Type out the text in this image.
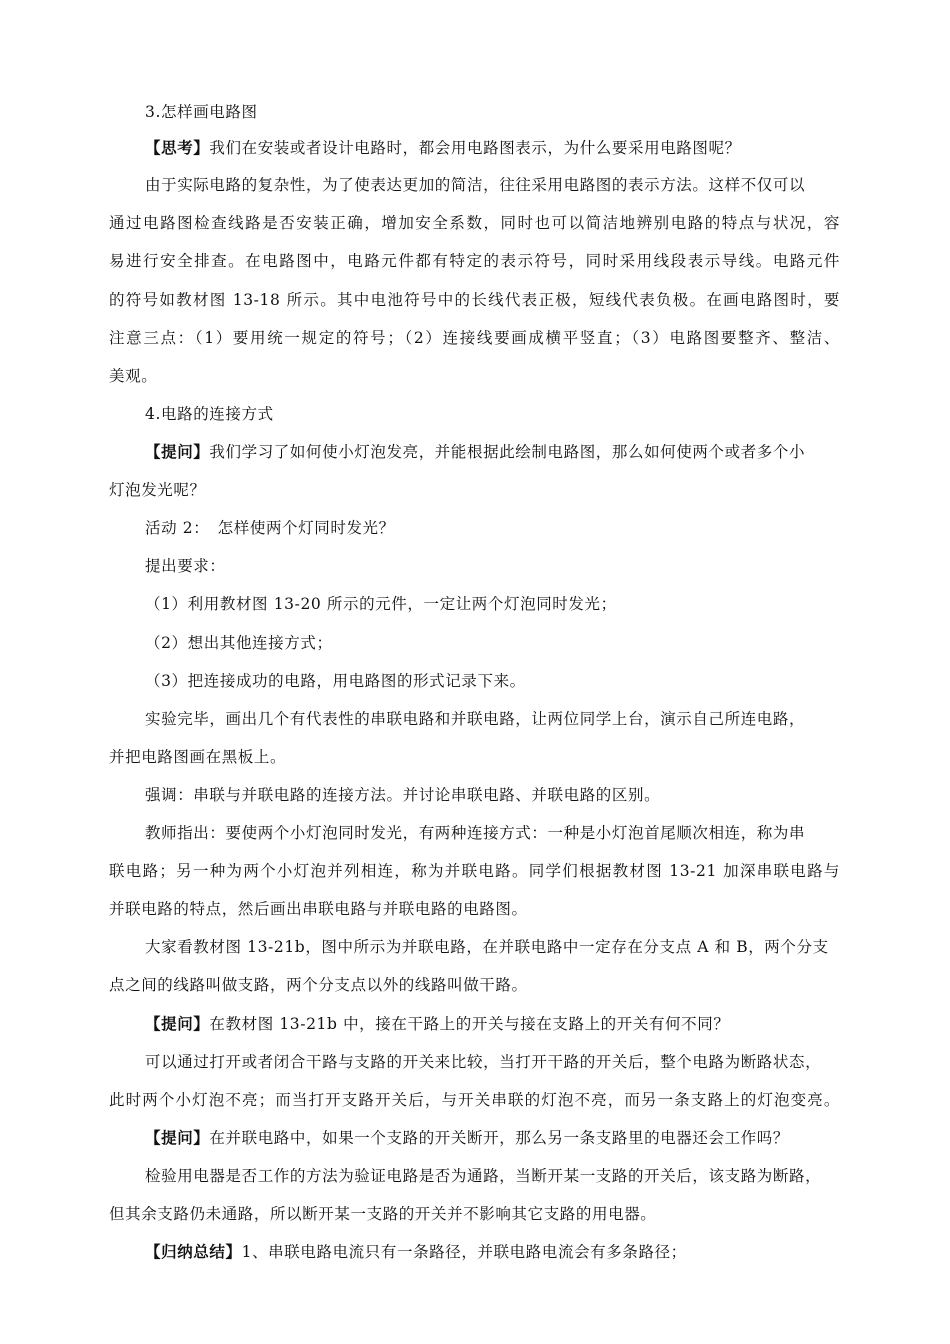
3.怎样画电路图

【思考】我们在安装或者设计电路时，都会用电路图表示，为什么要采用电路图呢？

由于实际电路的复杂性，为了使表达更加的简洁，往往采用电路图的表示方法。这样不仅可以

通过电路图检查线路是否安装正确，增加安全系数，同时也可以简洁地辨别电路的特点与状况，容

易进行安全排查。在电路图中，电路元件都有特定的表示符号，同时采用线段表示导线。电路元件

的符号如教材图 13-18 所示。其中电池符号中的长线代表正极，短线代表负极。在画电路图时，要

注意三点：（1）要用统一规定的符号；（2）连接线要画成横平竖直；（3）电路图要整齐、整洁、

美观。

4.电路的连接方式

【提问】我们学习了如何使小灯泡发亮，并能根据此绘制电路图，那么如何使两个或者多个小

灯泡发光呢？

活动 2：　怎样使两个灯同时发光？

提出要求：

（1）利用教材图 13-20 所示的元件，一定让两个灯泡同时发光；

（2）想出其他连接方式；

（3）把连接成功的电路，用电路图的形式记录下来。

实验完毕，画出几个有代表性的串联电路和并联电路，让两位同学上台，演示自己所连电路，

并把电路图画在黑板上。

强调：串联与并联电路的连接方法。并讨论串联电路、并联电路的区别。

教师指出：要使两个小灯泡同时发光，有两种连接方式：一种是小灯泡首尾顺次相连，称为串

联电路；另一种为两个小灯泡并列相连，称为并联电路。同学们根据教材图 13-21 加深串联电路与

并联电路的特点，然后画出串联电路与并联电路的电路图。

大家看教材图 13-21b，图中所示为并联电路，在并联电路中一定存在分支点 A 和 B，两个分支

点之间的线路叫做支路，两个分支点以外的线路叫做干路。

【提问】在教材图 13-21b 中，接在干路上的开关与接在支路上的开关有何不同？

可以通过打开或者闭合干路与支路的开关来比较，当打开干路的开关后，整个电路为断路状态，

此时两个小灯泡不亮；而当打开支路开关后，与开关串联的灯泡不亮，而另一条支路上的灯泡变亮。

【提问】在并联电路中，如果一个支路的开关断开，那么另一条支路里的电器还会工作吗？

检验用电器是否工作的方法为验证电路是否为通路，当断开某一支路的开关后，该支路为断路，

但其余支路仍未通路，所以断开某一支路的开关并不影响其它支路的用电器。

【归纳总结】1、串联电路电流只有一条路径，并联电路电流会有多条路径；
